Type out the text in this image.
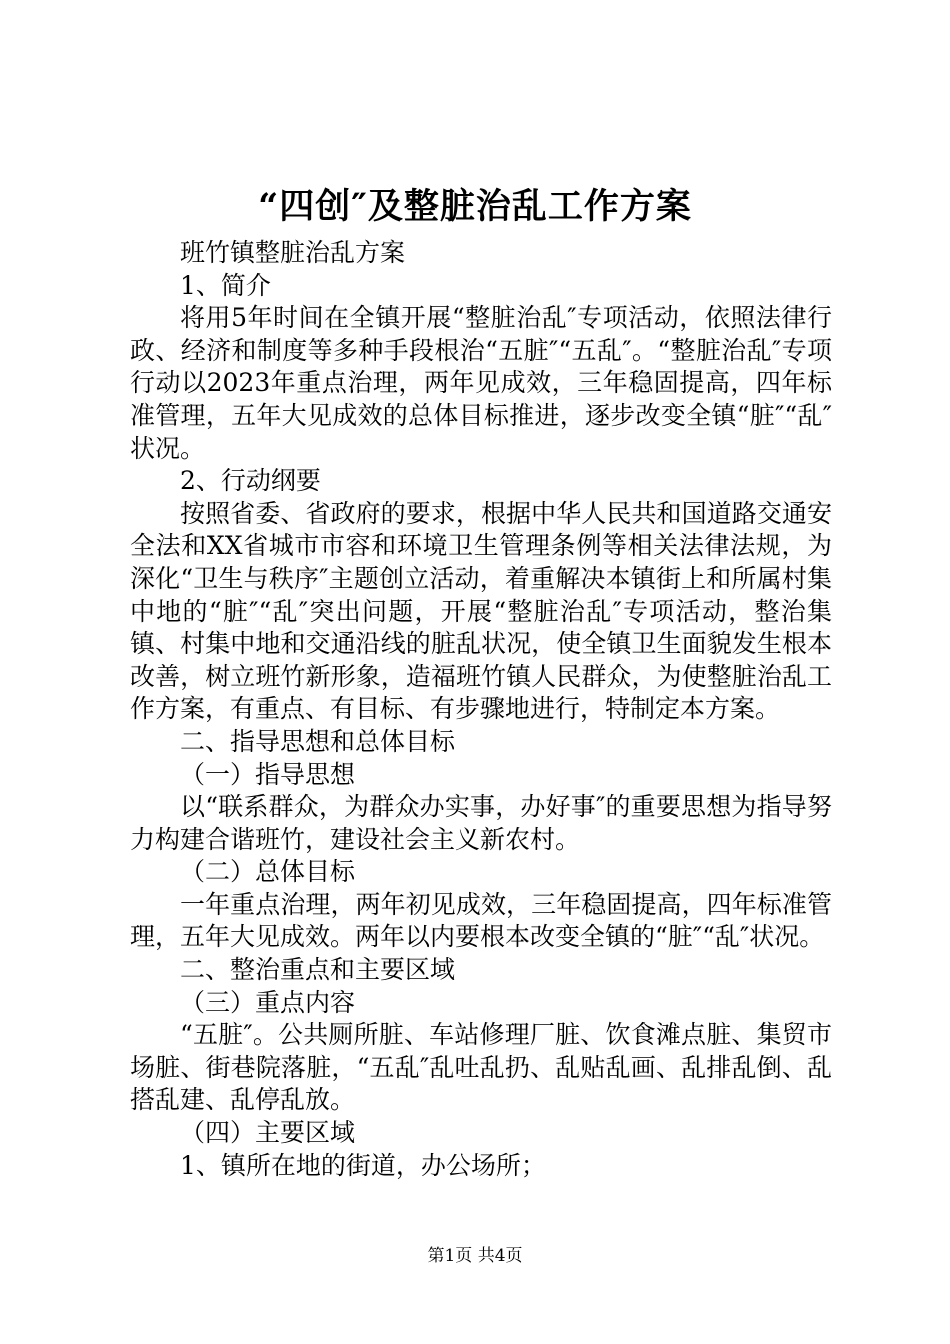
“四创″及整脏治乱工作方案

班竹镇整脏治乱方案

1、简介

将用5年时间在全镇开展“整脏治乱″专项活动，依照法律行政、经济和制度等多种手段根治“五脏″“五乱″。“整脏治乱″专项行动以2023年重点治理，两年见成效，三年稳固提高，四年标准管理，五年大见成效的总体目标推进，逐步改变全镇“脏″“乱″状况。

2、行动纲要

按照省委、省政府的要求，根据中华人民共和国道路交通安全法和XX省城市市容和环境卫生管理条例等相关法律法规，为深化“卫生与秩序″主题创立活动，着重解决本镇街上和所属村集中地的“脏″“乱″突出问题，开展“整脏治乱″专项活动，整治集镇、村集中地和交通沿线的脏乱状况，使全镇卫生面貌发生根本改善，树立班竹新形象，造福班竹镇人民群众，为使整脏治乱工作方案，有重点、有目标、有步骤地进行，特制定本方案。

二、指导思想和总体目标

（一）指导思想

以“联系群众，为群众办实事，办好事″的重要思想为指导努力构建合谐班竹，建设社会主义新农村。

（二）总体目标

一年重点治理，两年初见成效，三年稳固提高，四年标准管理，五年大见成效。两年以内要根本改变全镇的“脏″“乱″状况。

二、整治重点和主要区域

（三）重点内容

“五脏″。公共厕所脏、车站修理厂脏、饮食滩点脏、集贸市场脏、街巷院落脏，“五乱″乱吐乱扔、乱贴乱画、乱排乱倒、乱搭乱建、乱停乱放。

（四）主要区域

1、镇所在地的街道，办公场所；

第1页 共4页
